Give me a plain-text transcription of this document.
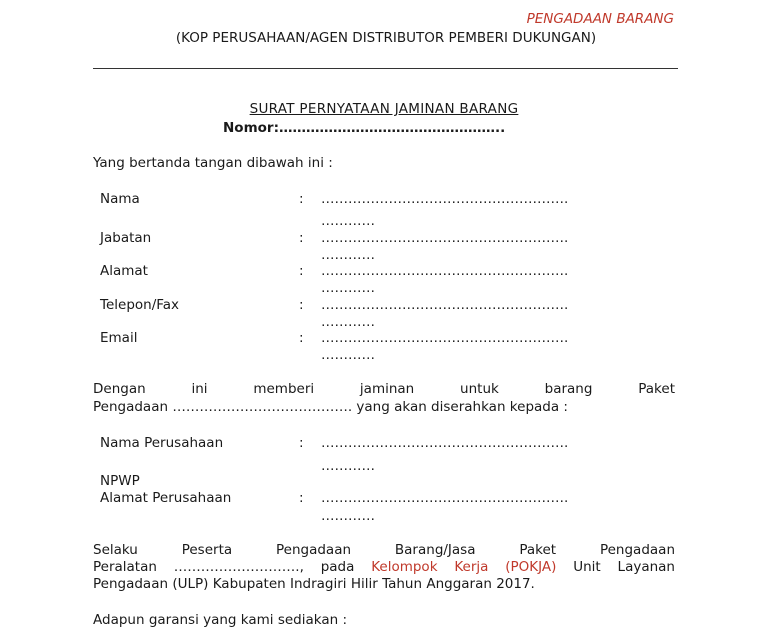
PENGADAAN BARANG
(KOP PERUSAHAAN/AGEN DISTRIBUTOR PEMBERI DUKUNGAN)
SURAT PERNYATAAN JAMINAN BARANG
Nomor:…………………………………………..
Yang bertanda tangan dibawah ini :
Nama	: ……………………………………………….
…………
Jabatan	: ……………………………………………….
…………
Alamat	: ……………………………………………….
…………
Telepon/Fax	: ……………………………………………….
…………
Email	: ……………………………………………….
…………
Dengan ini memberi jaminan untuk barang Paket
Pengadaan …………………………………. yang akan diserahkan kepada :
Nama Perusahaan	: ……………………………………………….
…………
NPWP
Alamat Perusahaan	: ……………………………………………….
…………
Selaku Peserta Pengadaan Barang/Jasa Paket Pengadaan
Peralatan ………………………., pada Kelompok Kerja (POKJA) Unit Layanan
Pengadaan (ULP) Kabupaten Indragiri Hilir Tahun Anggaran 2017.
Adapun garansi yang kami sediakan :
